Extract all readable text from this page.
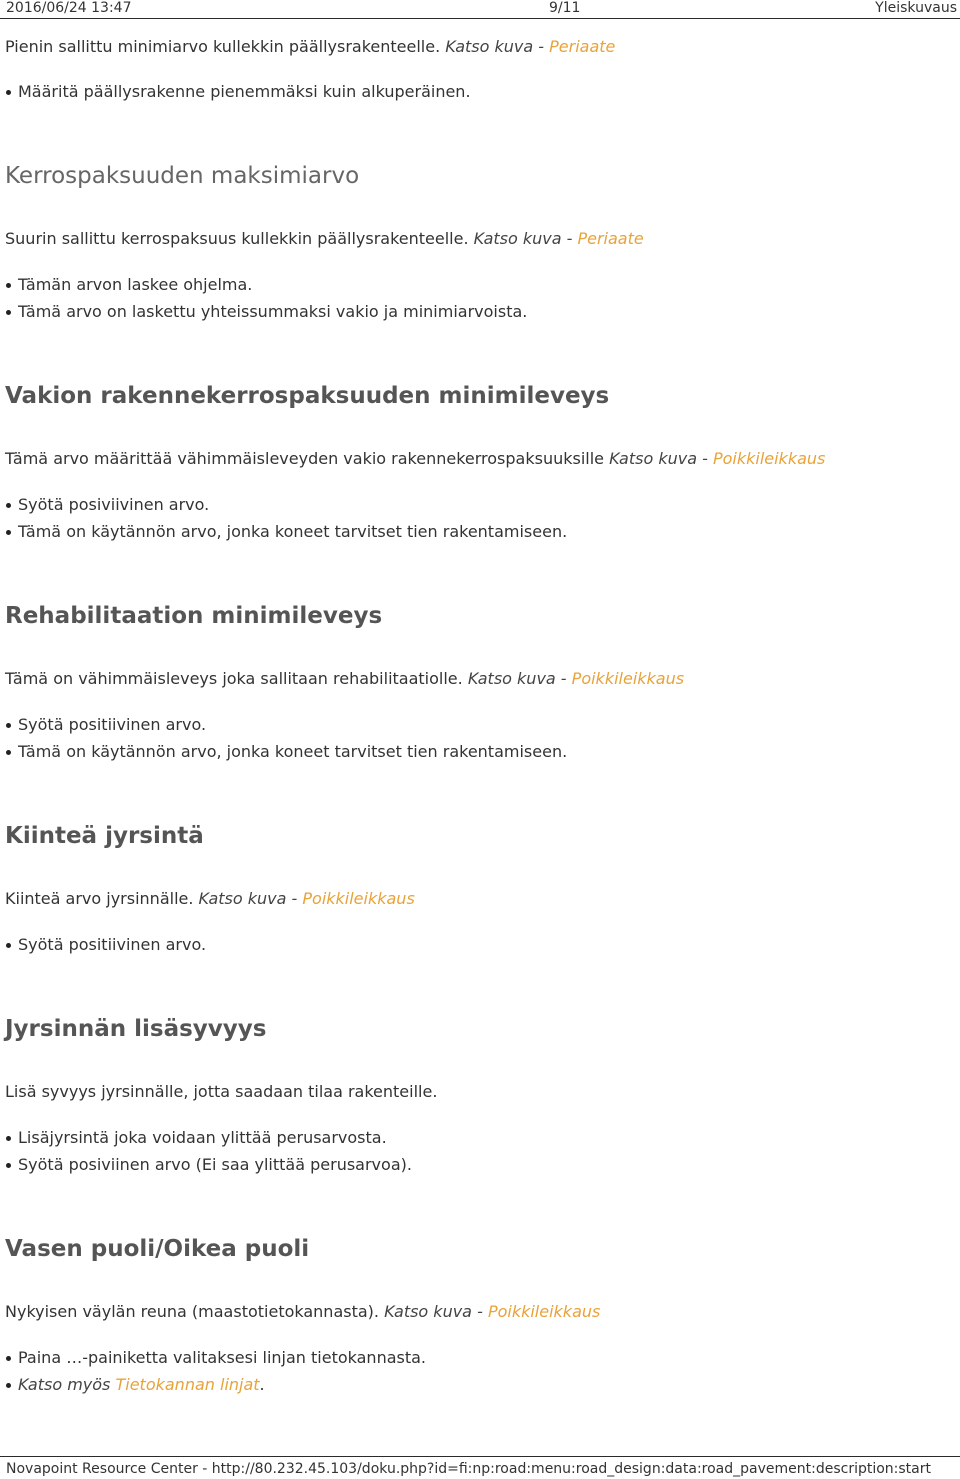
2016/06/24 13:47	9/11	Yleiskuvaus
Pienin sallittu minimiarvo kullekkin päällysrakenteelle. Katso kuva - Periaate
Määritä päällysrakenne pienemmäksi kuin alkuperäinen.
Kerrospaksuuden maksimiarvo
Suurin sallittu kerrospaksuus kullekkin päällysrakenteelle. Katso kuva - Periaate
Tämän arvon laskee ohjelma.
Tämä arvo on laskettu yhteissummaksi vakio ja minimiarvoista.
Vakion rakennekerrospaksuuden minimileveys
Tämä arvo määrittää vähimmäisleveyden vakio rakennekerrospaksuuksille Katso kuva - Poikkileikkaus
Syötä posiviivinen arvo.
Tämä on käytännön arvo, jonka koneet tarvitset tien rakentamiseen.
Rehabilitaation minimileveys
Tämä on vähimmäisleveys joka sallitaan rehabilitaatiolle. Katso kuva - Poikkileikkaus
Syötä positiivinen arvo.
Tämä on käytännön arvo, jonka koneet tarvitset tien rakentamiseen.
Kiinteä jyrsintä
Kiinteä arvo jyrsinnälle. Katso kuva - Poikkileikkaus
Syötä positiivinen arvo.
Jyrsinnän lisäsyvyys
Lisä syvyys jyrsinnälle, jotta saadaan tilaa rakenteille.
Lisäjyrsintä joka voidaan ylittää perusarvosta.
Syötä posiviinen arvo (Ei saa ylittää perusarvoa).
Vasen puoli/Oikea puoli
Nykyisen väylän reuna (maastotietokannasta). Katso kuva - Poikkileikkaus
Paina …-painiketta valitaksesi linjan tietokannasta.
Katso myös Tietokannan linjat.
Novapoint Resource Center - http://80.232.45.103/doku.php?id=fi:np:road:menu:road_design:data:road_pavement:description:start
